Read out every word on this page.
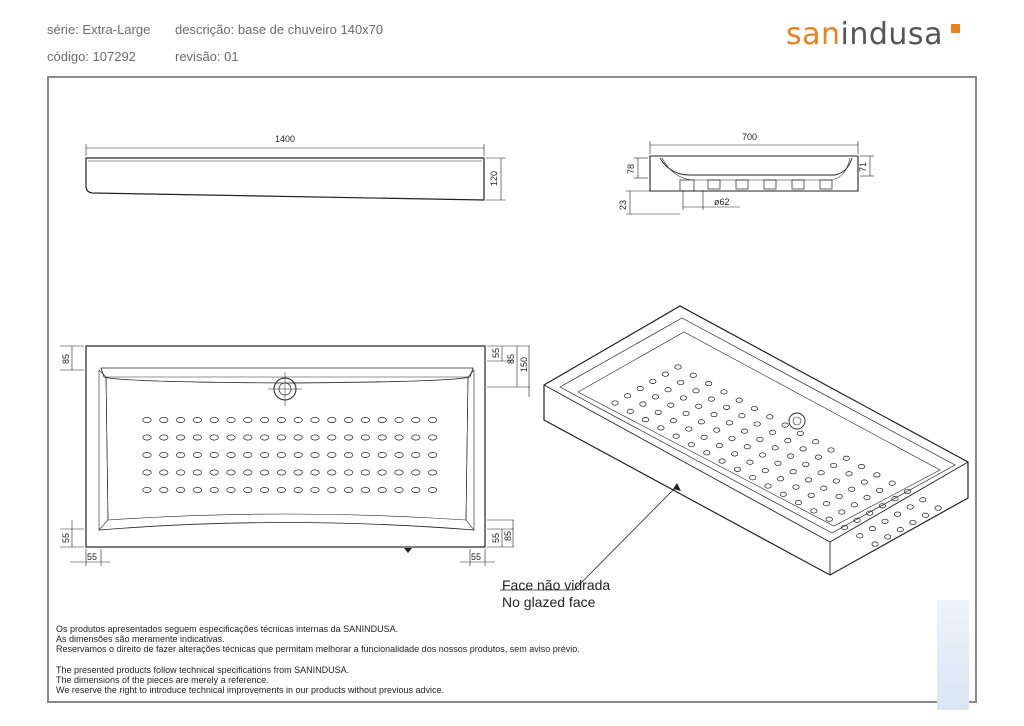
série: Extra-Large descrição: base de chuveiro 140x70
código: 107292	revisão: 01
sanindusa
1400
120
700
78	71
23	ø62
85
55
85 150
55
55	55
55 85
Face não vidrada
No glazed face
Os produtos apresentados seguem especificações técnicas internas da SANINDUSA.
As dimensões são meramente indicativas.
Reservamos o direito de fazer alterações técnicas que permitam melhorar a funcionalidade dos nossos produtos, sem aviso prévio.
The presented products follow technical specifications from SANINDUSA.
The dimensions of the pieces are merely a reference.
We reserve the right to introduce technical improvements in our products without previous advice.
